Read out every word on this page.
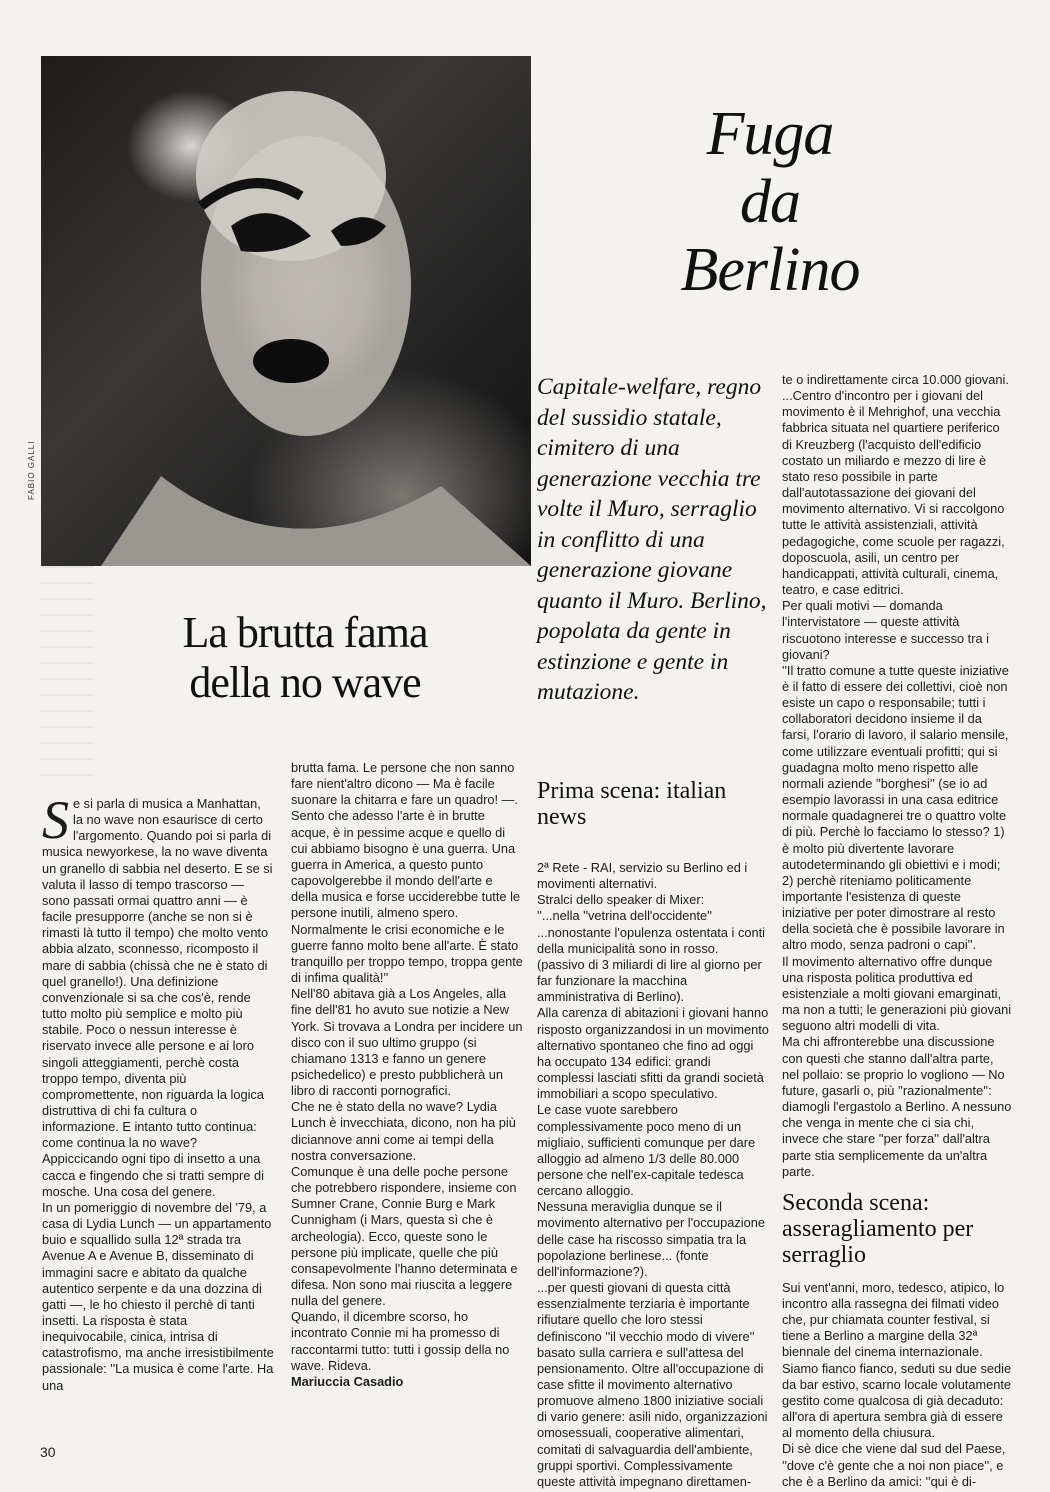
FABIO GALLI
La brutta fama
della no wave
Fuga
da
Berlino
Capitale-welfare, regno del sussidio statale, cimitero di una generazione vecchia tre volte il Muro, serraglio in conflitto di una generazione giovane quanto il Muro. Berlino, popolata da gente in estinzione e gente in mutazione.

Se si parla di musica a Manhattan, la no wave non esaurisce di certo l'argomento. Quando poi si parla di musica newyorkese, la no wave diventa un granello di sabbia nel deserto. E se si valuta il lasso di tempo trascorso — sono passati ormai quattro anni — è facile presupporre (anche se non si è rimasti là tutto il tempo) che molto vento abbia alzato, sconnesso, ricomposto il mare di sabbia (chissà che ne è stato di quel granello!). Una definizione convenzionale si sa che cos'è, rende tutto molto più semplice e molto più stabile. Poco o nessun interesse è riservato invece alle persone e ai loro singoli atteggiamenti, perchè costa troppo tempo, diventa più compromettente, non riguarda la logica distruttiva di chi fa cultura o informazione. E intanto tutto continua: come continua la no wave? Appiccicando ogni tipo di insetto a una cacca e fingendo che si tratti sempre di mosche. Una cosa del genere.

In un pomeriggio di novembre del '79, a casa di Lydia Lunch — un appartamento buio e squallido sulla 12ª strada tra Avenue A e Avenue B, disseminato di immagini sacre e abitato da qualche autentico serpente e da una dozzina di gatti —, le ho chiesto il perchè di tanti insetti. La risposta è stata inequivocabile, cinica, intrisa di catastrofismo, ma anche irresistibilmente passionale: ''La musica è come l'arte. Ha una

brutta fama. Le persone che non sanno fare nient'altro dicono — Ma è facile suonare la chitarra e fare un quadro! —. Sento che adesso l'arte è in brutte acque, è in pessime acque e quello di cui abbiamo bisogno è una guerra. Una guerra in America, a questo punto capovolgerebbe il mondo dell'arte e della musica e forse ucciderebbe tutte le persone inutili, almeno spero. Normalmente le crisi economiche e le guerre fanno molto bene all'arte. È stato tranquillo per troppo tempo, troppa gente di infima qualità!''

Nell'80 abitava già a Los Angeles, alla fine dell'81 ho avuto sue notizie a New York. Si trovava a Londra per incidere un disco con il suo ultimo gruppo (si chiamano 1313 e fanno un genere psichedelico) e presto pubblicherà un libro di racconti pornografici.

Che ne è stato della no wave? Lydia Lunch è invecchiata, dicono, non ha più diciannove anni come ai tempi della nostra conversazione.

Comunque è una delle poche persone che potrebbero rispondere, insieme con Sumner Crane, Connie Burg e Mark Cunnigham (i Mars, questa sì che è archeologia). Ecco, queste sono le persone più implicate, quelle che più consapevolmente l'hanno determinata e difesa. Non sono mai riuscita a leggere nulla del genere.

Quando, il dicembre scorso, ho incontrato Connie mi ha promesso di raccontarmi tutto: tutti i gossip della no wave. Rideva.

Mariuccia Casadio

Prima scena: italian news

2ª Rete - RAI, servizio su Berlino ed i movimenti alternativi.

Stralci dello speaker di Mixer:

''...nella ''vetrina dell'occidente'' ...nonostante l'opulenza ostentata i conti della municipalità sono in rosso. (passivo di 3 miliardi di lire al giorno per far funzionare la macchina amministrativa di Berlino).

Alla carenza di abitazioni i giovani hanno risposto organizzandosi in un movimento alternativo spontaneo che fino ad oggi ha occupato 134 edifici: grandi complessi lasciati sfitti da grandi società immobiliari a scopo speculativo.

Le case vuote sarebbero complessivamente poco meno di un migliaio, sufficienti comunque per dare alloggio ad almeno 1/3 delle 80.000 persone che nell'ex-capitale tedesca cercano alloggio.

Nessuna meraviglia dunque se il movimento alternativo per l'occupazione delle case ha riscosso simpatia tra la popolazione berlinese... (fonte dell'informazione?).

...per questi giovani di questa città essenzialmente terziaria è importante rifiutare quello che loro stessi definiscono ''il vecchio modo di vivere'' basato sulla carriera e sull'attesa del pensionamento. Oltre all'occupazione di case sfitte il movimento alternativo promuove almeno 1800 iniziative sociali di vario genere: asili nido, organizzazioni omosessuali, cooperative alimentari, comitati di salvaguardia dell'ambiente, gruppi sportivi. Complessivamente queste attività impegnano direttamen-

te o indirettamente circa 10.000 giovani.

...Centro d'incontro per i giovani del movimento è il Mehrighof, una vecchia fabbrica situata nel quartiere periferico di Kreuzberg (l'acquisto dell'edificio costato un miliardo e mezzo di lire è stato reso possibile in parte dall'autotassazione dei giovani del movimento alternativo. Vi si raccolgono tutte le attività assistenziali, attività pedagogiche, come scuole per ragazzi, doposcuola, asili, un centro per handicappati, attività culturali, cinema, teatro, e case editrici.

Per quali motivi — domanda l'intervistatore — queste attività riscuotono interesse e successo tra i giovani?

''Il tratto comune a tutte queste iniziative è il fatto di essere dei collettivi, cioè non esiste un capo o responsabile; tutti i collaboratori decidono insieme il da farsi, l'orario di lavoro, il salario mensile, come utilizzare eventuali profitti; qui si guadagna molto meno rispetto alle normali aziende ''borghesi'' (se io ad esempio lavorassi in una casa editrice normale quadagnerei tre o quattro volte di più. Perchè lo facciamo lo stesso? 1) è molto più divertente lavorare autodeterminando gli obiettivi e i modi; 2) perchè riteniamo politicamente importante l'esistenza di queste iniziative per poter dimostrare al resto della società che è possibile lavorare in altro modo, senza padroni o capi''.

Il movimento alternativo offre dunque una risposta politica produttiva ed esistenziale a molti giovani emarginati, ma non a tutti; le generazioni più giovani seguono altri modelli di vita.

Ma chi affronterebbe una discussione con questi che stanno dall'altra parte, nel pollaio: se proprio lo vogliono — No future, gasarli o, più ''razionalmente'': diamogli l'ergastolo a Berlino. A nessuno che venga in mente che ci sia chi, invece che stare ''per forza'' dall'altra parte stia semplicemente da un'altra parte.

Seconda scena: asseragliamento per serraglio

Sui vent'anni, moro, tedesco, atipico, lo incontro alla rassegna dei filmati video che, pur chiamata counter festival, si tiene a Berlino a margine della 32ª biennale del cinema internazionale. Siamo fianco fianco, seduti su due sedie da bar estivo, scarno locale volutamente gestito come qualcosa di già decaduto: all'ora di apertura sembra già di essere al momento della chiusura.

Di sè dice che viene dal sud del Paese, ''dove c'è gente che a noi non piace'', e che è a Berlino da amici: ''qui è di-

30
